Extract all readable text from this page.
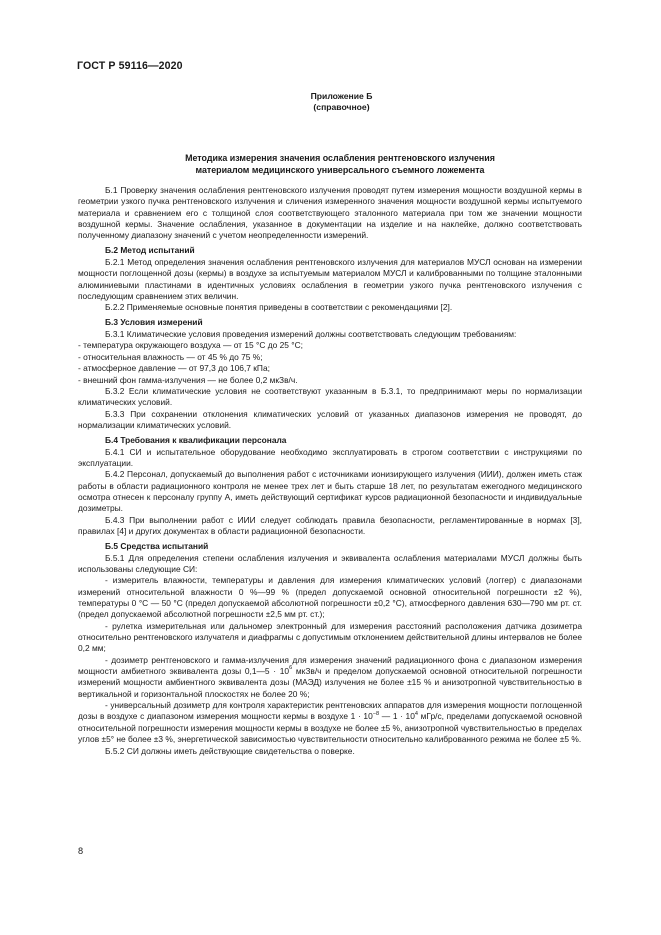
ГОСТ Р 59116—2020
Приложение Б
(справочное)
Методика измерения значения ослабления рентгеновского излучения
материалом медицинского универсального съемного ложемента

Б.1 Проверку значения ослабления рентгеновского излучения проводят путем измерения мощности воздушной кермы в геометрии узкого пучка рентгеновского излучения и сличения измеренного значения мощности воздушной кермы испытуемого материала и сравнением его с толщиной слоя соответствующего эталонного материала при том же значении мощности воздушной кермы. Значение ослабления, указанное в документации на изделие и на наклейке, должно соответствовать полученному диапазону значений с учетом неопределенности измерений.

Б.2 Метод испытаний

Б.2.1 Метод определения значения ослабления рентгеновского излучения для материалов МУСЛ основан на измерении мощности поглощенной дозы (кермы) в воздухе за испытуемым материалом МУСЛ и калиброванными по толщине эталонными алюминиевыми пластинами в идентичных условиях ослабления в геометрии узкого пучка рентгеновского излучения с последующим сравнением этих величин.

Б.2.2 Применяемые основные понятия приведены в соответствии с рекомендациями [2].

Б.3 Условия измерений

Б.3.1 Климатические условия проведения измерений должны соответствовать следующим требованиям:

- температура окружающего воздуха — от 15 °С до 25 °С;

- относительная влажность — от 45 % до 75 %;

- атмосферное давление — от 97,3 до 106,7 кПа;

- внешний фон гамма-излучения — не более 0,2 мкЗв/ч.

Б.3.2 Если климатические условия не соответствуют указанным в Б.3.1, то предпринимают меры по нормализации климатических условий.

Б.3.3 При сохранении отклонения климатических условий от указанных диапазонов измерения не проводят, до нормализации климатических условий.

Б.4 Требования к квалификации персонала

Б.4.1 СИ и испытательное оборудование необходимо эксплуатировать в строгом соответствии с инструкциями по эксплуатации.

Б.4.2 Персонал, допускаемый до выполнения работ с источниками ионизирующего излучения (ИИИ), должен иметь стаж работы в области радиационного контроля не менее трех лет и быть старше 18 лет, по результатам ежегодного медицинского осмотра отнесен к персоналу группу А, иметь действующий сертификат курсов радиационной безопасности и индивидуальные дозиметры.

Б.4.3 При выполнении работ с ИИИ следует соблюдать правила безопасности, регламентированные в нормах [3], правилах [4] и других документах в области радиационной безопасности.

Б.5 Средства испытаний

Б.5.1 Для определения степени ослабления излучения и эквивалента ослабления материалами МУСЛ должны быть использованы следующие СИ:

- измеритель влажности, температуры и давления для измерения климатических условий (логгер) с диапазонами измерений относительной влажности 0 %—99 % (предел допускаемой основной относительной погрешности ±2 %), температуры 0 °С — 50 °С (предел допускаемой абсолютной погрешности ±0,2 °С), атмосферного давления 630—790 мм рт. ст. (предел допускаемой абсолютной погрешности ±2,5 мм рт. ст.);

- рулетка измерительная или дальномер электронный для измерения расстояний расположения датчика дозиметра относительно рентгеновского излучателя и диафрагмы с допустимым отклонением действительной длины интервалов не более 0,2 мм;

- дозиметр рентгеновского и гамма-излучения для измерения значений радиационного фона с диапазоном измерения мощности амбиетного эквивалента дозы 0,1—5 · $10^6$ мкЗв/ч и пределом допускаемой основной относительной погрешности измерений мощности амбиентного эквивалента дозы (МАЭД) излучения не более ±15 % и анизотропной чувствительностью в вертикальной и горизонтальной плоскостях не более 20 %;

- универсальный дозиметр для контроля характеристик рентгеновских аппаратов для измерения мощности поглощенной дозы в воздухе с диапазоном измерения мощности кермы в воздухе $1 \cdot 10^{-8}$ — $1 \cdot 10^4$ мГр/с, пределами допускаемой основной относительной погрешности измерения мощности кермы в воздухе не более ±5 %, анизотропной чувствительностью в пределах углов ±5° не более ±3 %, энергетической зависимостью чувствительности относительно калиброванного режима не более ±5 %.

Б.5.2 СИ должны иметь действующие свидетельства о поверке.

8
